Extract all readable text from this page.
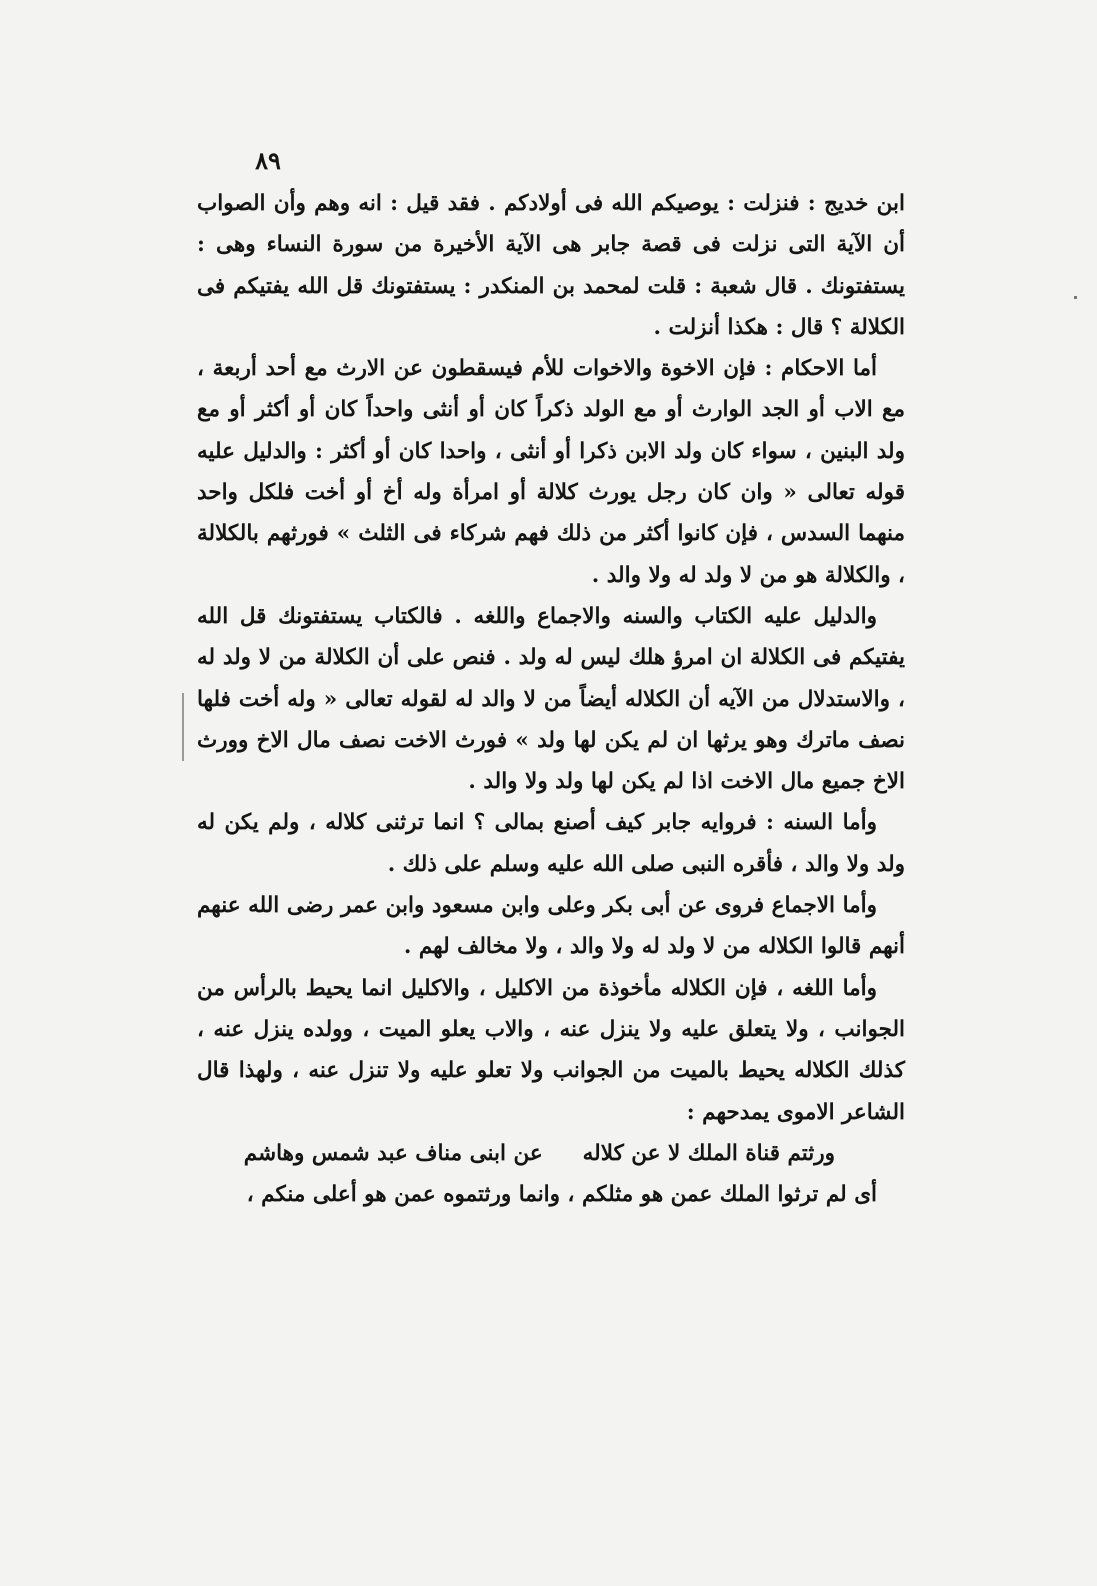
٨٩

ابن خديج : فنزلت : يوصيكم الله فى أولادكم . فقد قيل : انه وهم وأن الصواب أن الآية التى نزلت فى قصة جابر هى الآية الأخيرة من سورة النساء وهى : يستفتونك . قال شعبة : قلت لمحمد بن المنكدر : يستفتونك قل الله يفتيكم فى الكلالة ؟ قال : هكذا أنزلت .

أما الاحكام : فإن الاخوة والاخوات للأم فيسقطون عن الارث مع أحد أربعة ، مع الاب أو الجد الوارث أو مع الولد ذكراً كان أو أنثى واحداً كان أو أكثر أو مع ولد البنين ، سواء كان ولد الابن ذكرا أو أنثى ، واحدا كان أو أكثر : والدليل عليه قوله تعالى « وان كان رجل يورث كلالة أو امرأة وله أخ أو أخت فلكل واحد منهما السدس ، فإن كانوا أكثر من ذلك فهم شركاء فى الثلث » فورثهم بالكلالة ، والكلالة هو من لا ولد له ولا والد .

والدليل عليه الكتاب والسنه والاجماع واللغه . فالكتاب يستفتونك قل الله يفتيكم فى الكلالة ان امرؤ هلك ليس له ولد . فنص على أن الكلالة من لا ولد له ، والاستدلال من الآيه أن الكلاله أيضاً من لا والد له لقوله تعالى « وله أخت فلها نصف ماترك وهو يرثها ان لم يكن لها ولد » فورث الاخت نصف مال الاخ وورث الاخ جميع مال الاخت اذا لم يكن لها ولد ولا والد .

وأما السنه : فروايه جابر كيف أصنع بمالى ؟ انما ترثنى كلاله ، ولم يكن له ولد ولا والد ، فأقره النبى صلى الله عليه وسلم على ذلك .

وأما الاجماع فروى عن أبى بكر وعلى وابن مسعود وابن عمر رضى الله عنهم أنهم قالوا الكلاله من لا ولد له ولا والد ، ولا مخالف لهم .

وأما اللغه ، فإن الكلاله مأخوذة من الاكليل ، والاكليل انما يحيط بالرأس من الجوانب ، ولا يتعلق عليه ولا ينزل عنه ، والاب يعلو الميت ، وولده ينزل عنه ، كذلك الكلاله يحيط بالميت من الجوانب ولا تعلو عليه ولا تنزل عنه ، ولهذا قال الشاعر الاموى يمدحهم :

ورثتم قناة الملك لا عن كلاله
عن ابنى مناف عبد شمس وهاشم

أى لم ترثوا الملك عمن هو مثلكم ، وانما ورثتموه عمن هو أعلى منكم ،
